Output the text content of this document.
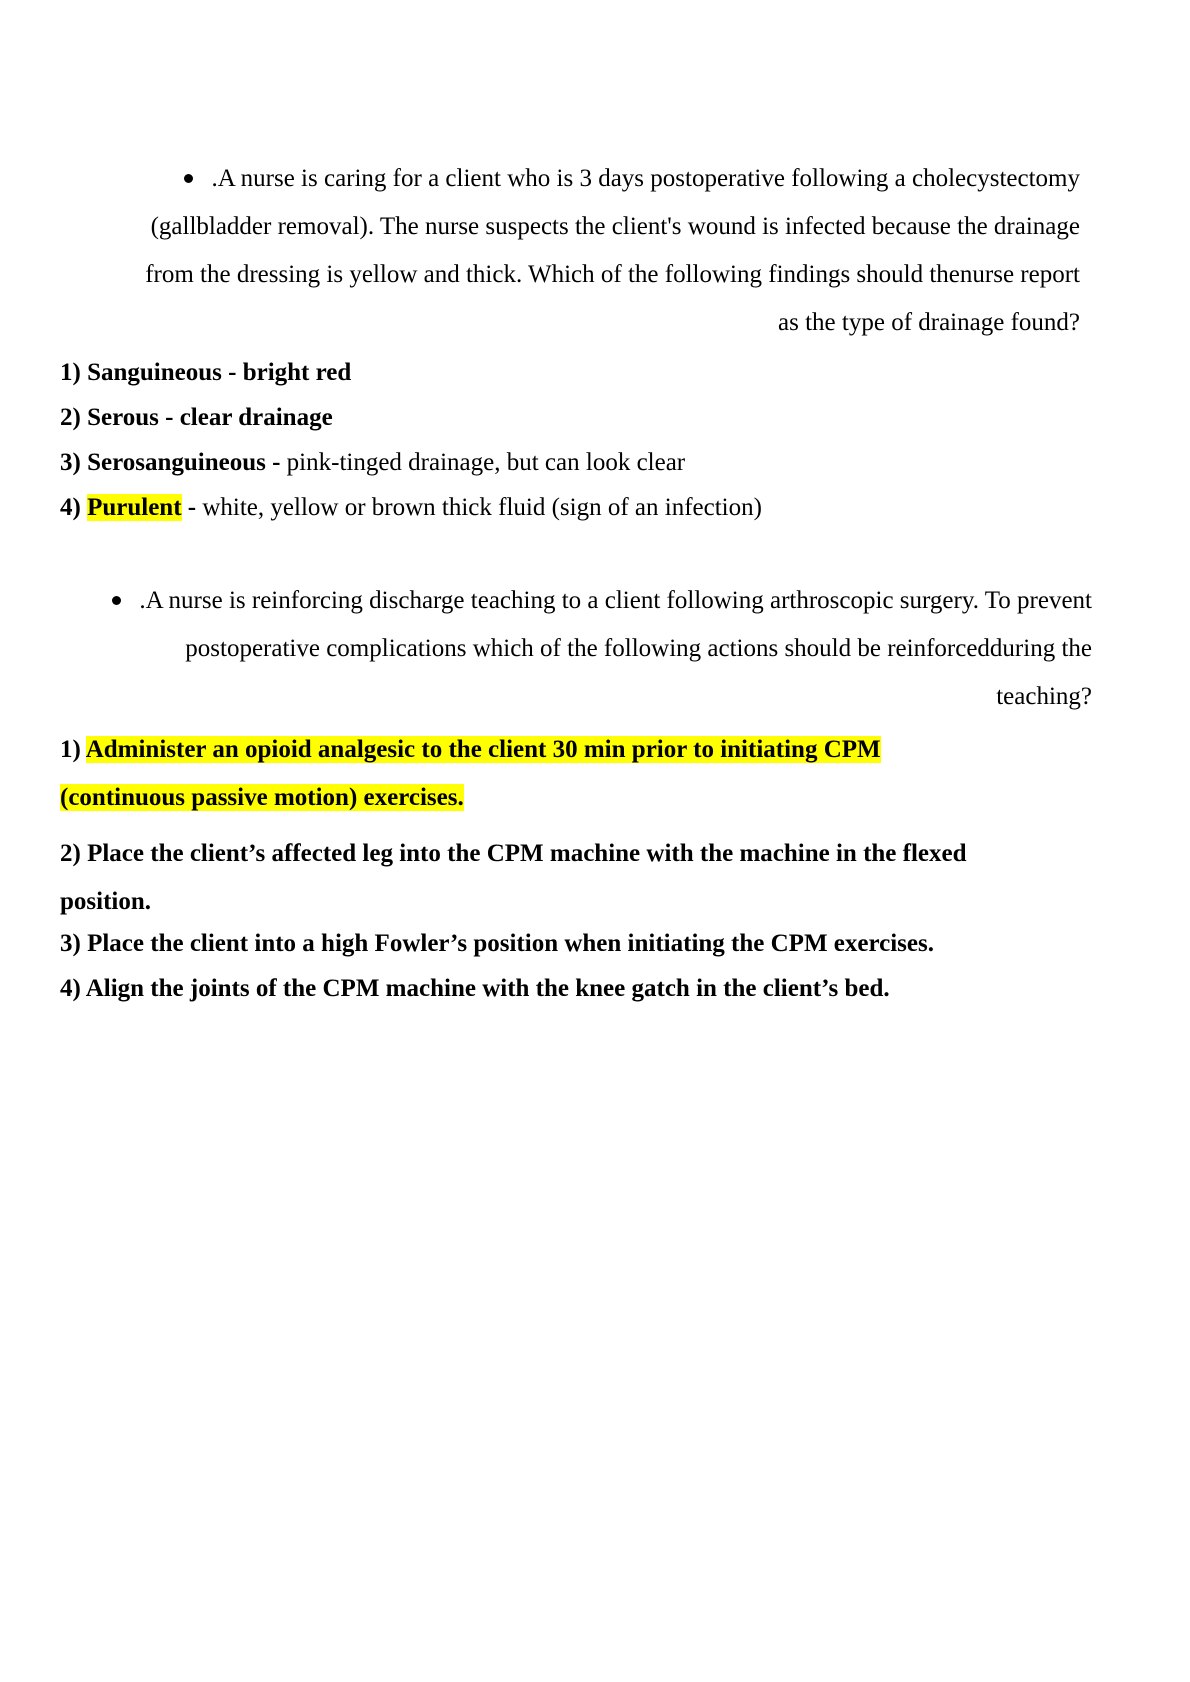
.A nurse is caring for a client who is 3 days postoperative following a cholecystectomy
(gallbladder removal). The nurse suspects the client's wound is infected because the drainage
from the dressing is yellow and thick. Which of the following findings should thenurse report
as the type of drainage found?
1) Sanguineous - bright red
2) Serous - clear drainage
3) Serosanguineous - pink-tinged drainage, but can look clear
4) Purulent - white, yellow or brown thick fluid (sign of an infection)
.A nurse is reinforcing discharge teaching to a client following arthroscopic surgery. To prevent
postoperative complications which of the following actions should be reinforcedduring the
teaching?
1) Administer an opioid analgesic to the client 30 min prior to initiating CPM
(continuous passive motion) exercises.
2) Place the client’s affected leg into the CPM machine with the machine in the flexed
position.
3) Place the client into a high Fowler’s position when initiating the CPM exercises.
4) Align the joints of the CPM machine with the knee gatch in the client’s bed.
